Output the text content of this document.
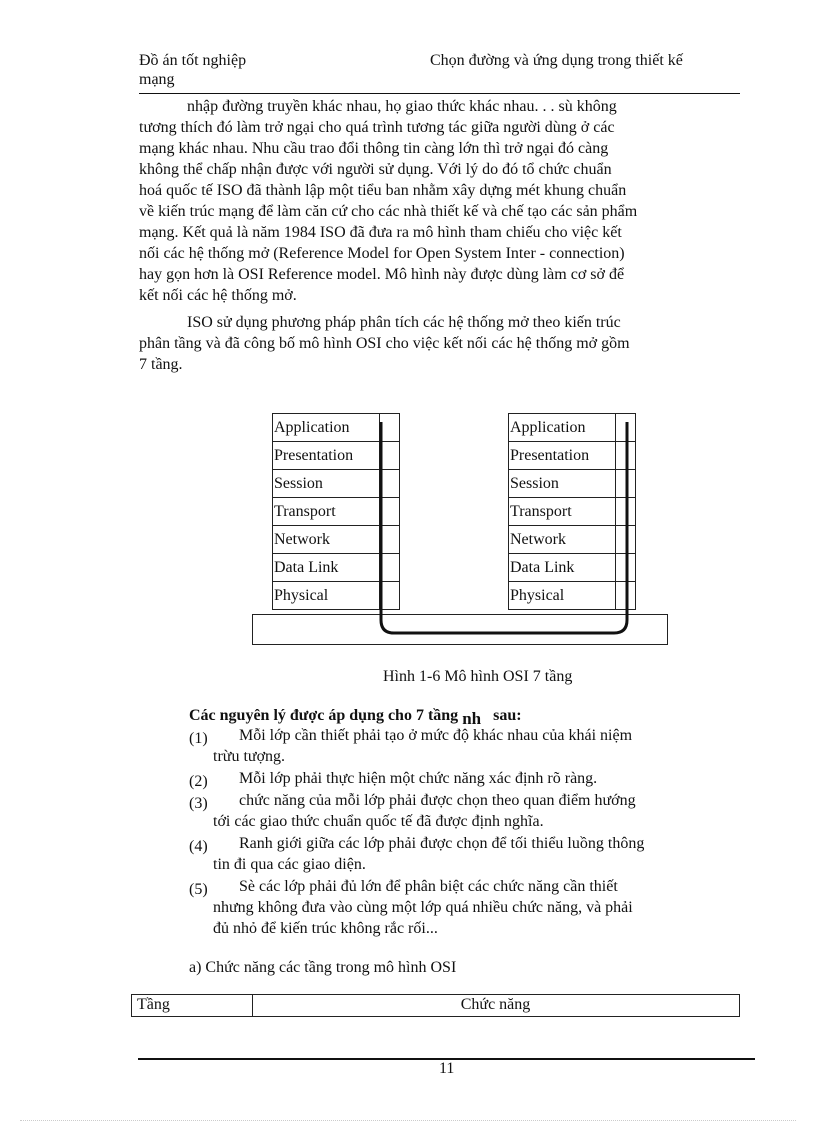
Đồ án tốt nghiệp
mạng
Chọn đường và ứng dụng trong thiết kế
nhập đường truyền khác nhau, họ giao thức khác nhau. . . sù không
tương thích đó làm trở ngại cho quá trình tương tác giữa người dùng ở các
mạng khác nhau. Nhu cầu trao đổi thông tin càng lớn thì trở ngại đó càng
không thể chấp nhận được với người sử dụng. Với lý do đó tổ chức chuẩn
hoá quốc tế ISO đã thành lập một tiểu ban nhằm xây dựng mét khung chuẩn
về kiến trúc mạng để làm căn cứ cho các nhà thiết kế và chế tạo các sản phẩm
mạng. Kết quả là năm 1984 ISO đã đưa ra mô hình tham chiếu cho việc kết
nối các hệ thống mở (Reference Model for Open System Inter - connection)
hay gọn hơn là OSI Reference model. Mô hình này được dùng làm cơ sở để
kết nối các hệ thống mở.
ISO sử dụng phương pháp phân tích các hệ thống mở theo kiến trúc
phân tầng và đã công bố mô hình OSI cho việc kết nối các hệ thống mở gồm
7 tầng.
Application
Presentation
Session
Transport
Network
Data Link
Physical
Application
Presentation
Session
Transport
Network
Data Link
Physical
Hình 1-6 Mô hình OSI 7 tầng
Các nguyên lý được áp dụng cho 7 tầng nh sau:
(1)	Mỗi lớp cần thiết phải tạo ở mức độ khác nhau của khái niệm
trừu tượng.
(2)	Mỗi lớp phải thực hiện một chức năng xác định rõ ràng.
(3)	chức năng của mỗi lớp phải được chọn theo quan điểm hướng
tới các giao thức chuẩn quốc tế đã được định nghĩa.
(4)	Ranh giới giữa các lớp phải được chọn để tối thiểu luồng thông
tin đi qua các giao diện.
(5)	Sè các lớp phải đủ lớn để phân biệt các chức năng cần thiết
nhưng không đưa vào cùng một lớp quá nhiều chức năng, và phải
đủ nhỏ để kiến trúc không rắc rối...
a) Chức năng các tầng trong mô hình OSI
Tầng	Chức năng
11
